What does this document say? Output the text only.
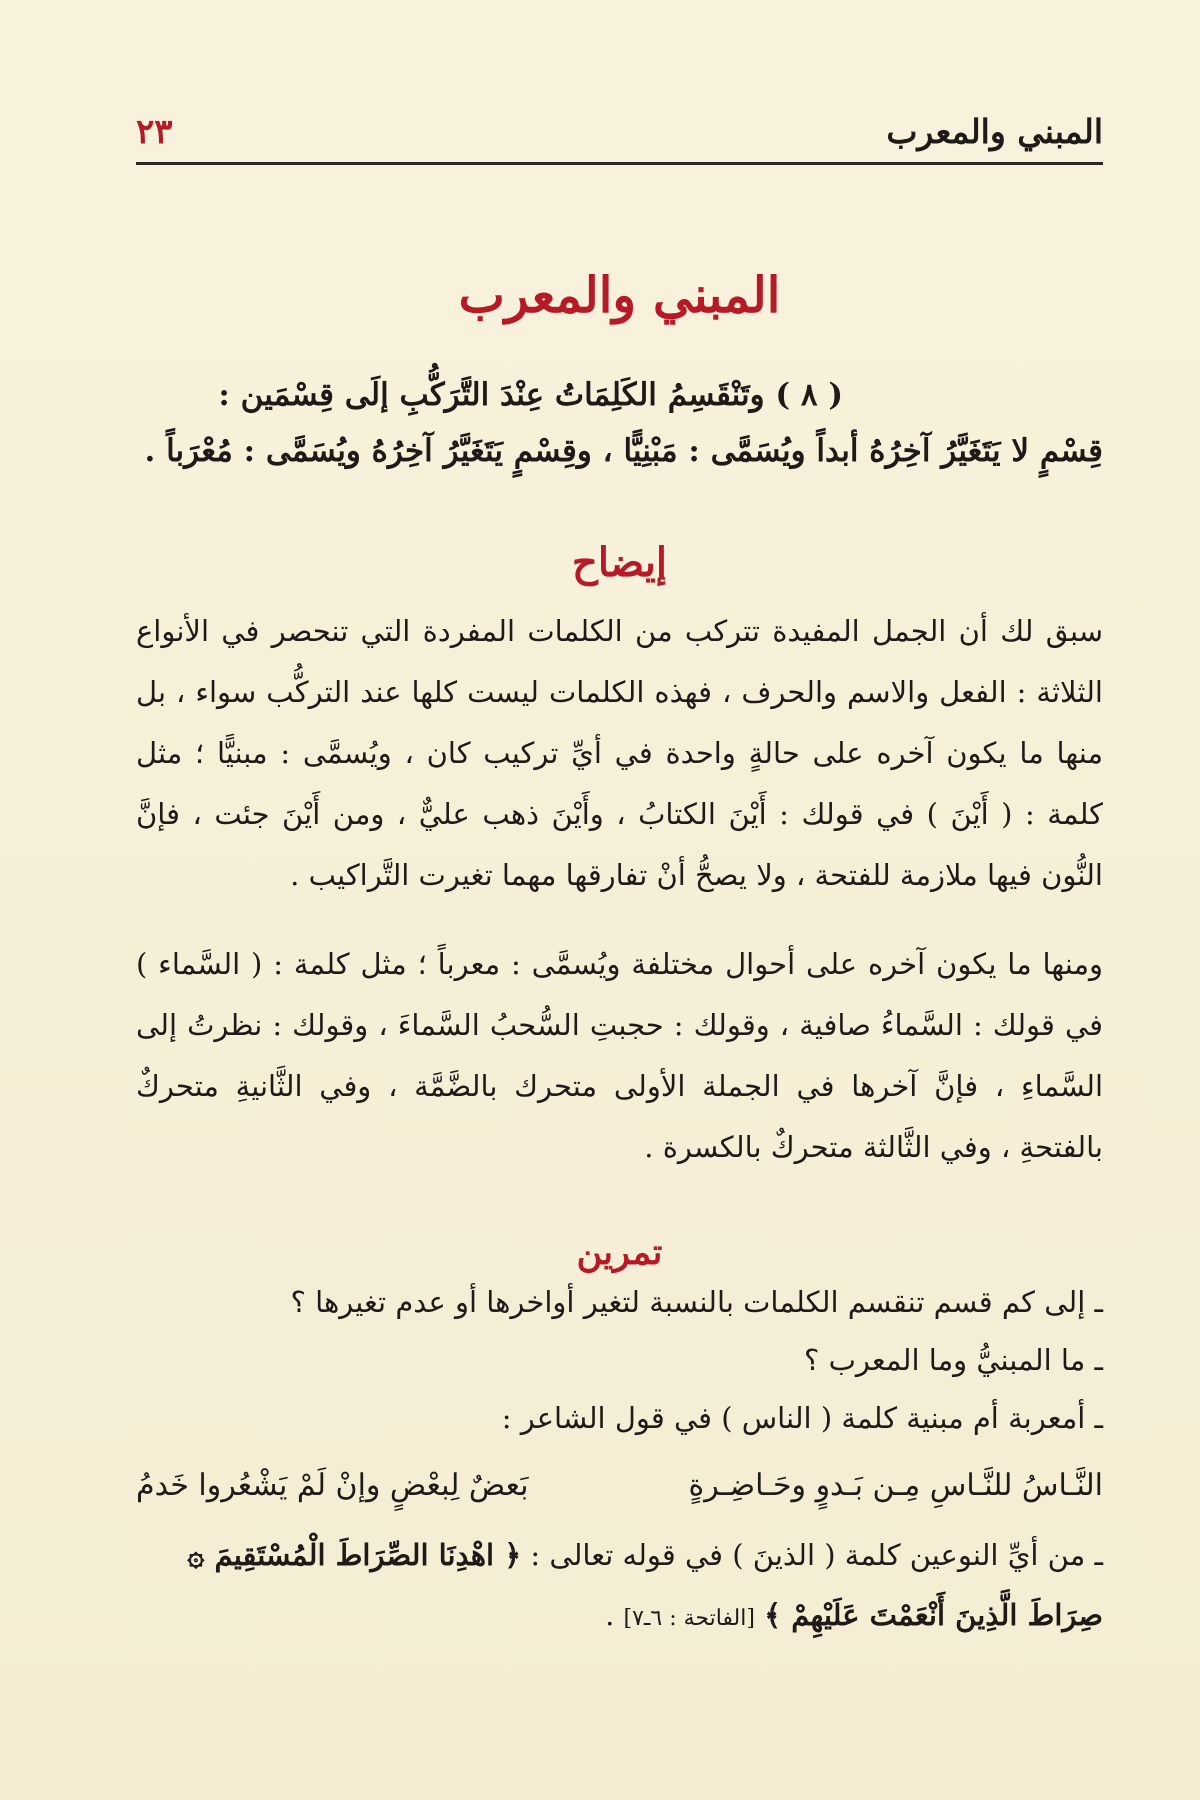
المبني والمعرب
٢٣
المبني والمعرب
( ٨ ) وتَنْقَسِمُ الكَلِمَاتُ عِنْدَ التَّرَكُّبِ إلَى قِسْمَين :
قِسْمٍ لا يَتَغَيَّرُ آخِرُهُ أبداً ويُسَمَّى : مَبْنِيًّا ، وقِسْمٍ يَتَغَيَّرُ آخِرُهُ ويُسَمَّى : مُعْرَباً .
إيضاح
سبق لك أن الجمل المفيدة تتركب من الكلمات المفردة التي تنحصر في الأنواع الثلاثة : الفعل والاسم والحرف ، فهذه الكلمات ليست كلها عند التركُّب سواء ، بل منها ما يكون آخره على حالةٍ واحدة في أيِّ تركيب كان ، ويُسمَّى : مبنيًّا ؛ مثل كلمة : ( أَيْنَ ) في قولك : أَيْنَ الكتابُ ، وأَيْنَ ذهب عليٌّ ، ومن أَيْنَ جئت ، فإنَّ النُّون فيها ملازمة للفتحة ، ولا يصحُّ أنْ تفارقها مهما تغيرت التَّراكيب .
ومنها ما يكون آخره على أحوال مختلفة ويُسمَّى : معرباً ؛ مثل كلمة : ( السَّماء ) في قولك : السَّماءُ صافية ، وقولك : حجبتِ السُّحبُ السَّماءَ ، وقولك : نظرتُ إلى السَّماءِ ، فإنَّ آخرها في الجملة الأولى متحرك بالضَّمَّة ، وفي الثَّانيةِ متحركٌ بالفتحةِ ، وفي الثَّالثة متحركٌ بالكسرة .
تمرين
ـ إلى كم قسم تنقسم الكلمات بالنسبة لتغير أواخرها أو عدم تغيرها ؟
ـ ما المبنيُّ وما المعرب ؟
ـ أمعربة أم مبنية كلمة ( الناس ) في قول الشاعر :
النَّـاسُ للنَّـاسِ مِـن بَـدوٍ وحَـاضِـرةٍ
بَعضٌ لِبعْضٍ وإنْ لَمْ يَشْعُروا خَدمُ
ـ من أيِّ النوعين كلمة ( الذينَ ) في قوله تعالى : ﴿ اهْدِنَا الصِّرَاطَ الْمُسْتَقِيمَ ۞ صِرَاطَ الَّذِينَ أَنْعَمْتَ عَلَيْهِمْ ﴾ [الفاتحة : ٦ـ٧] .
